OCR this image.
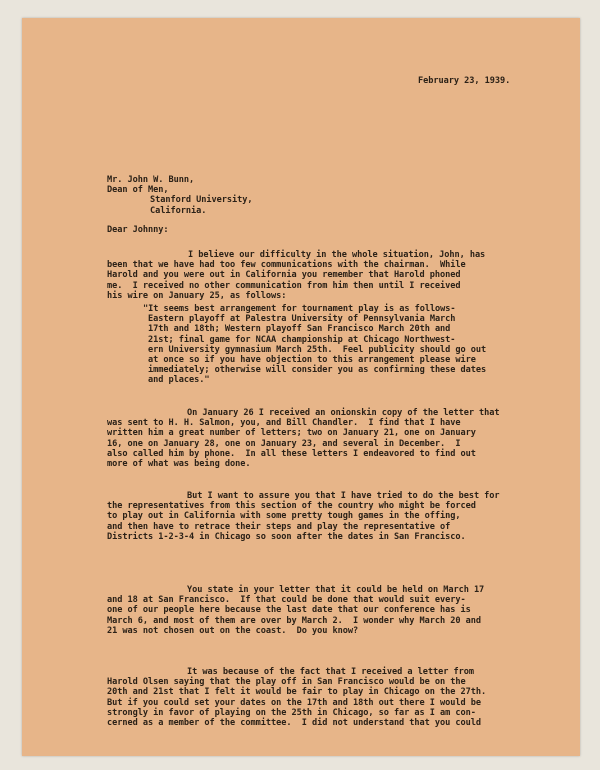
February 23, 1939.
Mr. John W. Bunn,
Dean of Men,
Stanford University,
California.
Dear Johnny:
I believe our difficulty in the whole situation, John, has
been that we have had too few communications with the chairman.  While
Harold and you were out in California you remember that Harold phoned
me.  I received no other communication from him then until I received
his wire on January 25, as follows:
"It seems best arrangement for tournament play is as follows-
Eastern playoff at Palestra University of Pennsylvania March
17th and 18th; Western playoff San Francisco March 20th and
21st; final game for NCAA championship at Chicago Northwest-
ern University gymnasium March 25th.  Feel publicity should go out
at once so if you have objection to this arrangement please wire
immediately; otherwise will consider you as confirming these dates
and places."
On January 26 I received an onionskin copy of the letter that
was sent to H. H. Salmon, you, and Bill Chandler.  I find that I have
written him a great number of letters; two on January 21, one on January
16, one on January 28, one on January 23, and several in December.  I
also called him by phone.  In all these letters I endeavored to find out
more of what was being done.
But I want to assure you that I have tried to do the best for
the representatives from this section of the country who might be forced
to play out in California with some pretty tough games in the offing,
and then have to retrace their steps and play the representative of
Districts 1-2-3-4 in Chicago so soon after the dates in San Francisco.
You state in your letter that it could be held on March 17
and 18 at San Francisco.  If that could be done that would suit every-
one of our people here because the last date that our conference has is
March 6, and most of them are over by March 2.  I wonder why March 20 and
21 was not chosen out on the coast.  Do you know?
It was because of the fact that I received a letter from
Harold Olsen saying that the play off in San Francisco would be on the
20th and 21st that I felt it would be fair to play in Chicago on the 27th.
But if you could set your dates on the 17th and 18th out there I would be
strongly in favor of playing on the 25th in Chicago, so far as I am con-
cerned as a member of the committee.  I did not understand that you could
